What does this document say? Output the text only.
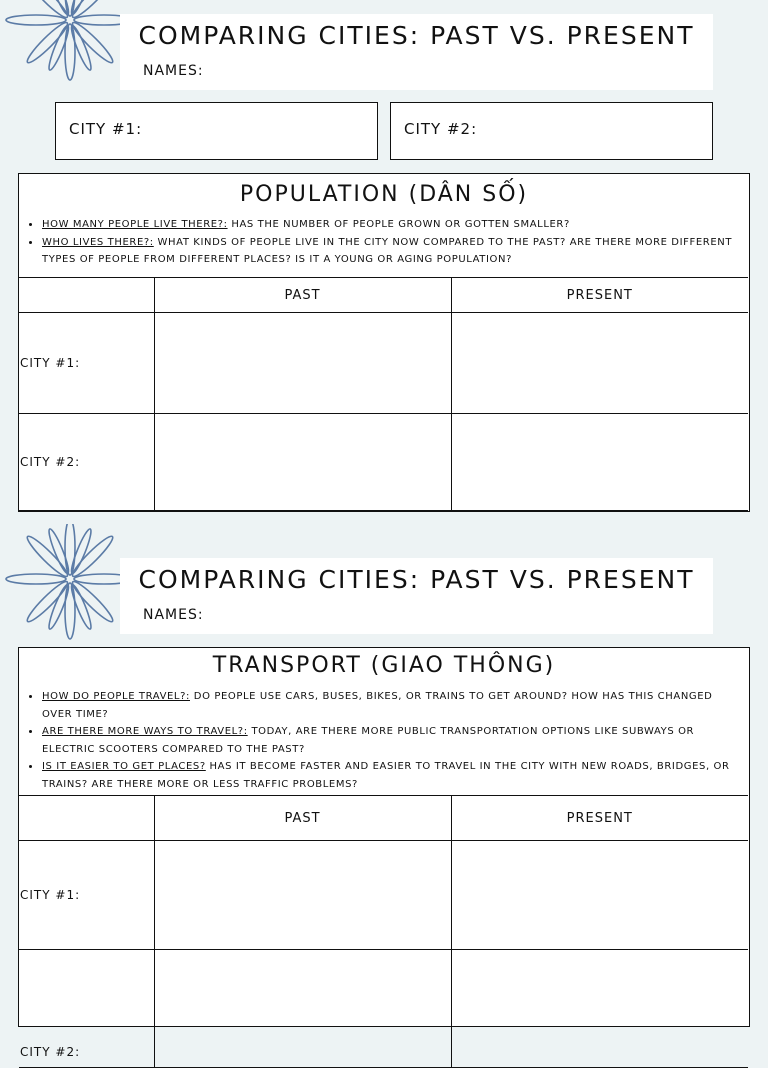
COMPARING CITIES: PAST VS. PRESENT
NAMES:
CITY #1:	CITY #2:
POPULATION (DÂN SỐ)
• HOW MANY PEOPLE LIVE THERE?: HAS THE NUMBER OF PEOPLE GROWN OR GOTTEN SMALLER?
• WHO LIVES THERE?: WHAT KINDS OF PEOPLE LIVE IN THE CITY NOW COMPARED TO THE PAST? ARE THERE MORE DIFFERENT TYPES OF PEOPLE FROM DIFFERENT PLACES? IS IT A YOUNG OR AGING POPULATION?
	PAST	PRESENT
CITY #1:		
CITY #2:		
COMPARING CITIES: PAST VS. PRESENT
NAMES:
TRANSPORT (GIAO THÔNG)
• HOW DO PEOPLE TRAVEL?: DO PEOPLE USE CARS, BUSES, BIKES, OR TRAINS TO GET AROUND? HOW HAS THIS CHANGED OVER TIME?
• ARE THERE MORE WAYS TO TRAVEL?: TODAY, ARE THERE MORE PUBLIC TRANSPORTATION OPTIONS LIKE SUBWAYS OR ELECTRIC SCOOTERS COMPARED TO THE PAST?
• IS IT EASIER TO GET PLACES? HAS IT BECOME FASTER AND EASIER TO TRAVEL IN THE CITY WITH NEW ROADS, BRIDGES, OR TRAINS? ARE THERE MORE OR LESS TRAFFIC PROBLEMS?
	PAST	PRESENT
CITY #1:		
CITY #2:		
